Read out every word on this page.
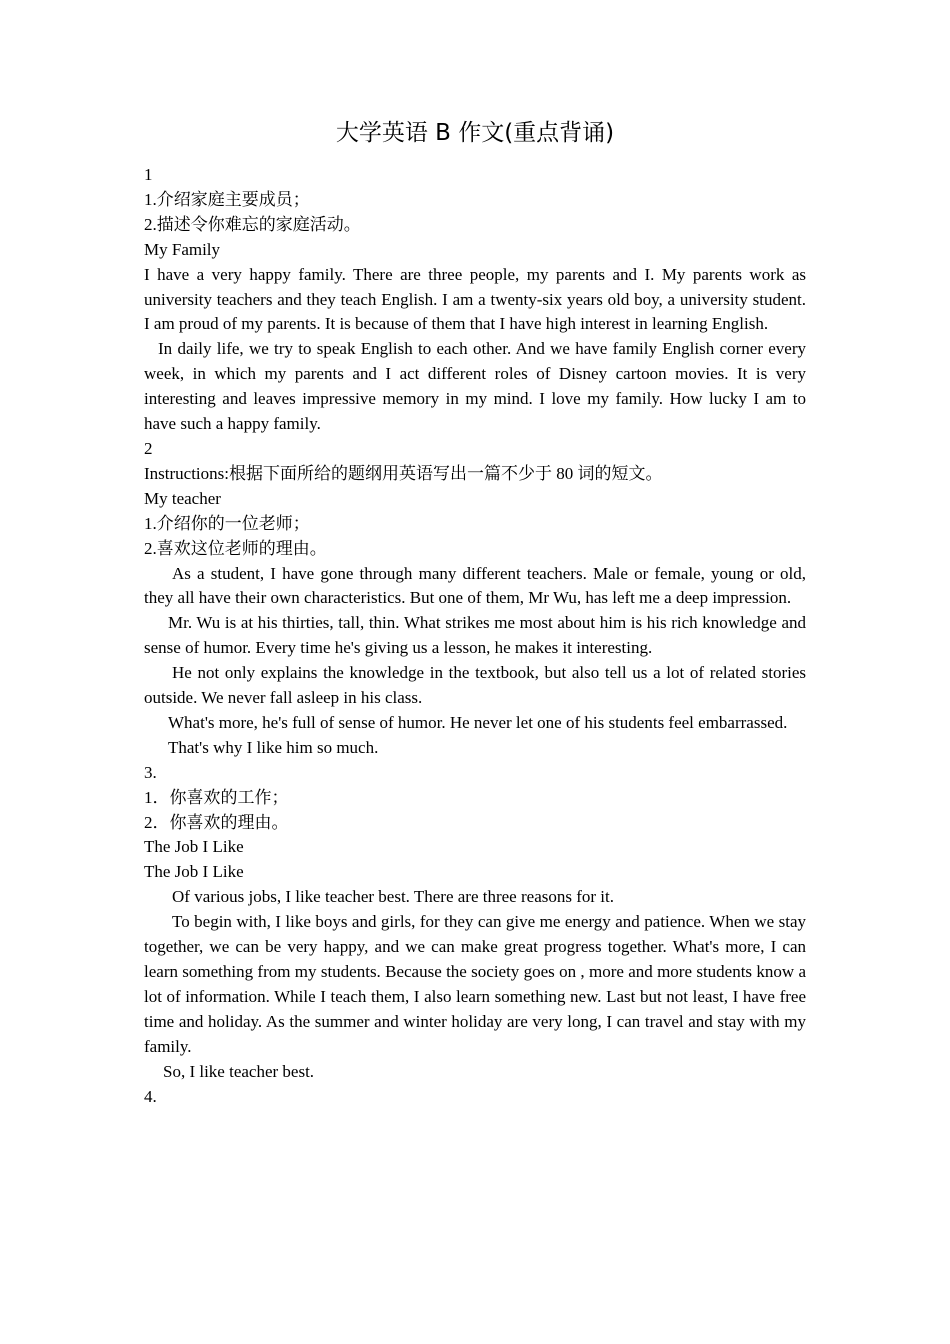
大学英语 B 作文(重点背诵)
1
1.介绍家庭主要成员；
2.描述令你难忘的家庭活动。
My Family

I have a very happy family. There are three people, my parents and I. My parents work as university teachers and they teach English. I am a twenty-six years old boy, a university student. I am proud of my parents. It is because of them that I have high interest in learning English.

In daily life, we try to speak English to each other. And we have family English corner every week, in which my parents and I act different roles of Disney cartoon movies. It is very interesting and leaves impressive memory in my mind. I love my family. How lucky I am to have such a happy family.

2
Instructions:根据下面所给的题纲用英语写出一篇不少于 80 词的短文。
My teacher
1.介绍你的一位老师；
2.喜欢这位老师的理由。

As a student, I have gone through many different teachers. Male or female, young or old, they all have their own characteristics. But one of them, Mr Wu, has left me a deep impression.

Mr. Wu is at his thirties, tall, thin. What strikes me most about him is his rich knowledge and sense of humor. Every time he's giving us a lesson, he makes it interesting.

He not only explains the knowledge in the textbook, but also tell us a lot of related stories outside. We never fall asleep in his class.

What's more, he's full of sense of humor. He never let one of his students feel embarrassed.

That's why I like him so much.

3.
1．你喜欢的工作；
2．你喜欢的理由。
The Job I Like
The Job I Like

Of various jobs, I like teacher best. There are three reasons for it.

To begin with, I like boys and girls, for they can give me energy and patience. When we stay together, we can be very happy, and we can make great progress together. What's more, I can learn something from my students. Because the society goes on , more and more students know a lot of information. While I teach them, I also learn something new. Last but not least, I have free time and holiday. As the summer and winter holiday are very long, I can travel and stay with my family.

So, I like teacher best.

4.
